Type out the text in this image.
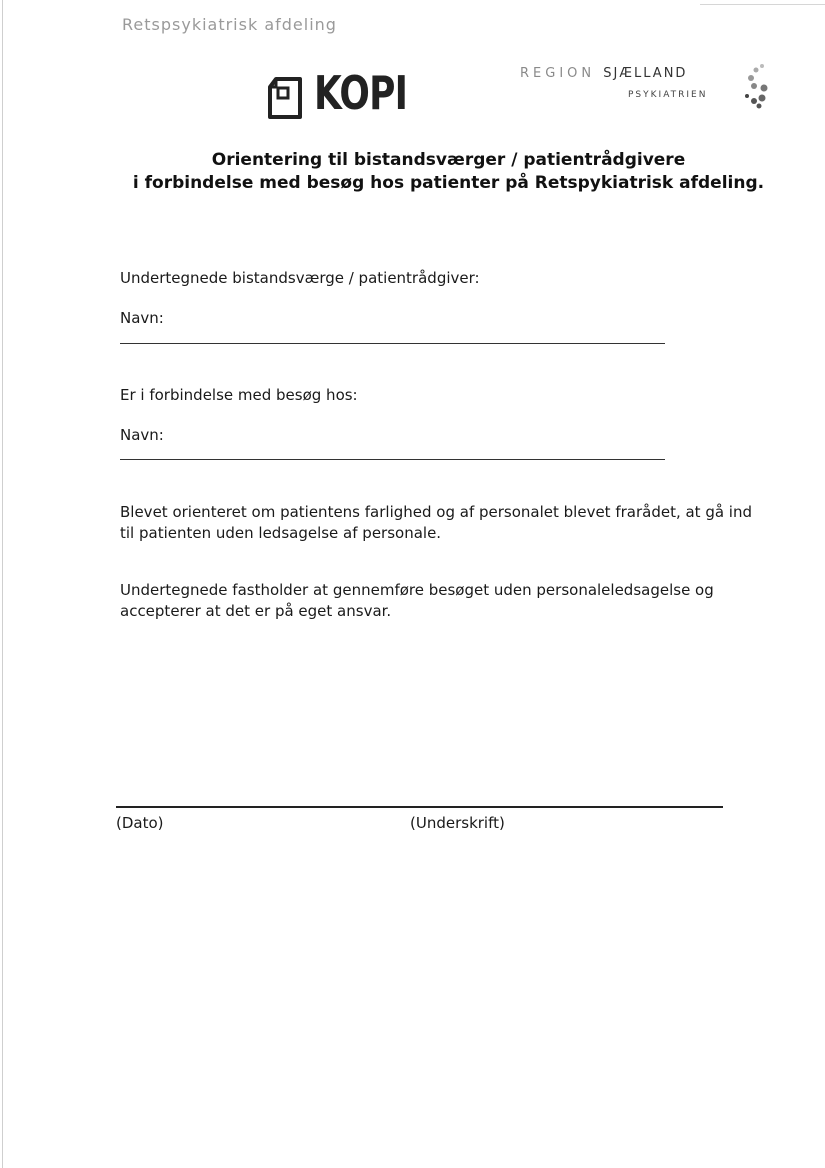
Retspsykiatrisk afdeling
KOPI	REGION SJÆLLAND
PSYKIATRIEN
Orientering til bistandsværger / patientrådgivere
i forbindelse med besøg hos patienter på Retspykiatrisk afdeling.
Undertegnede bistandsværge / patientrådgiver:
Navn:
Er i forbindelse med besøg hos:
Navn:
Blevet orienteret om patientens farlighed og af personalet blevet frarådet, at gå ind til patienten uden ledsagelse af personale.
Undertegnede fastholder at gennemføre besøget uden personaleledsagelse og accepterer at det er på eget ansvar.
(Dato)	(Underskrift)
